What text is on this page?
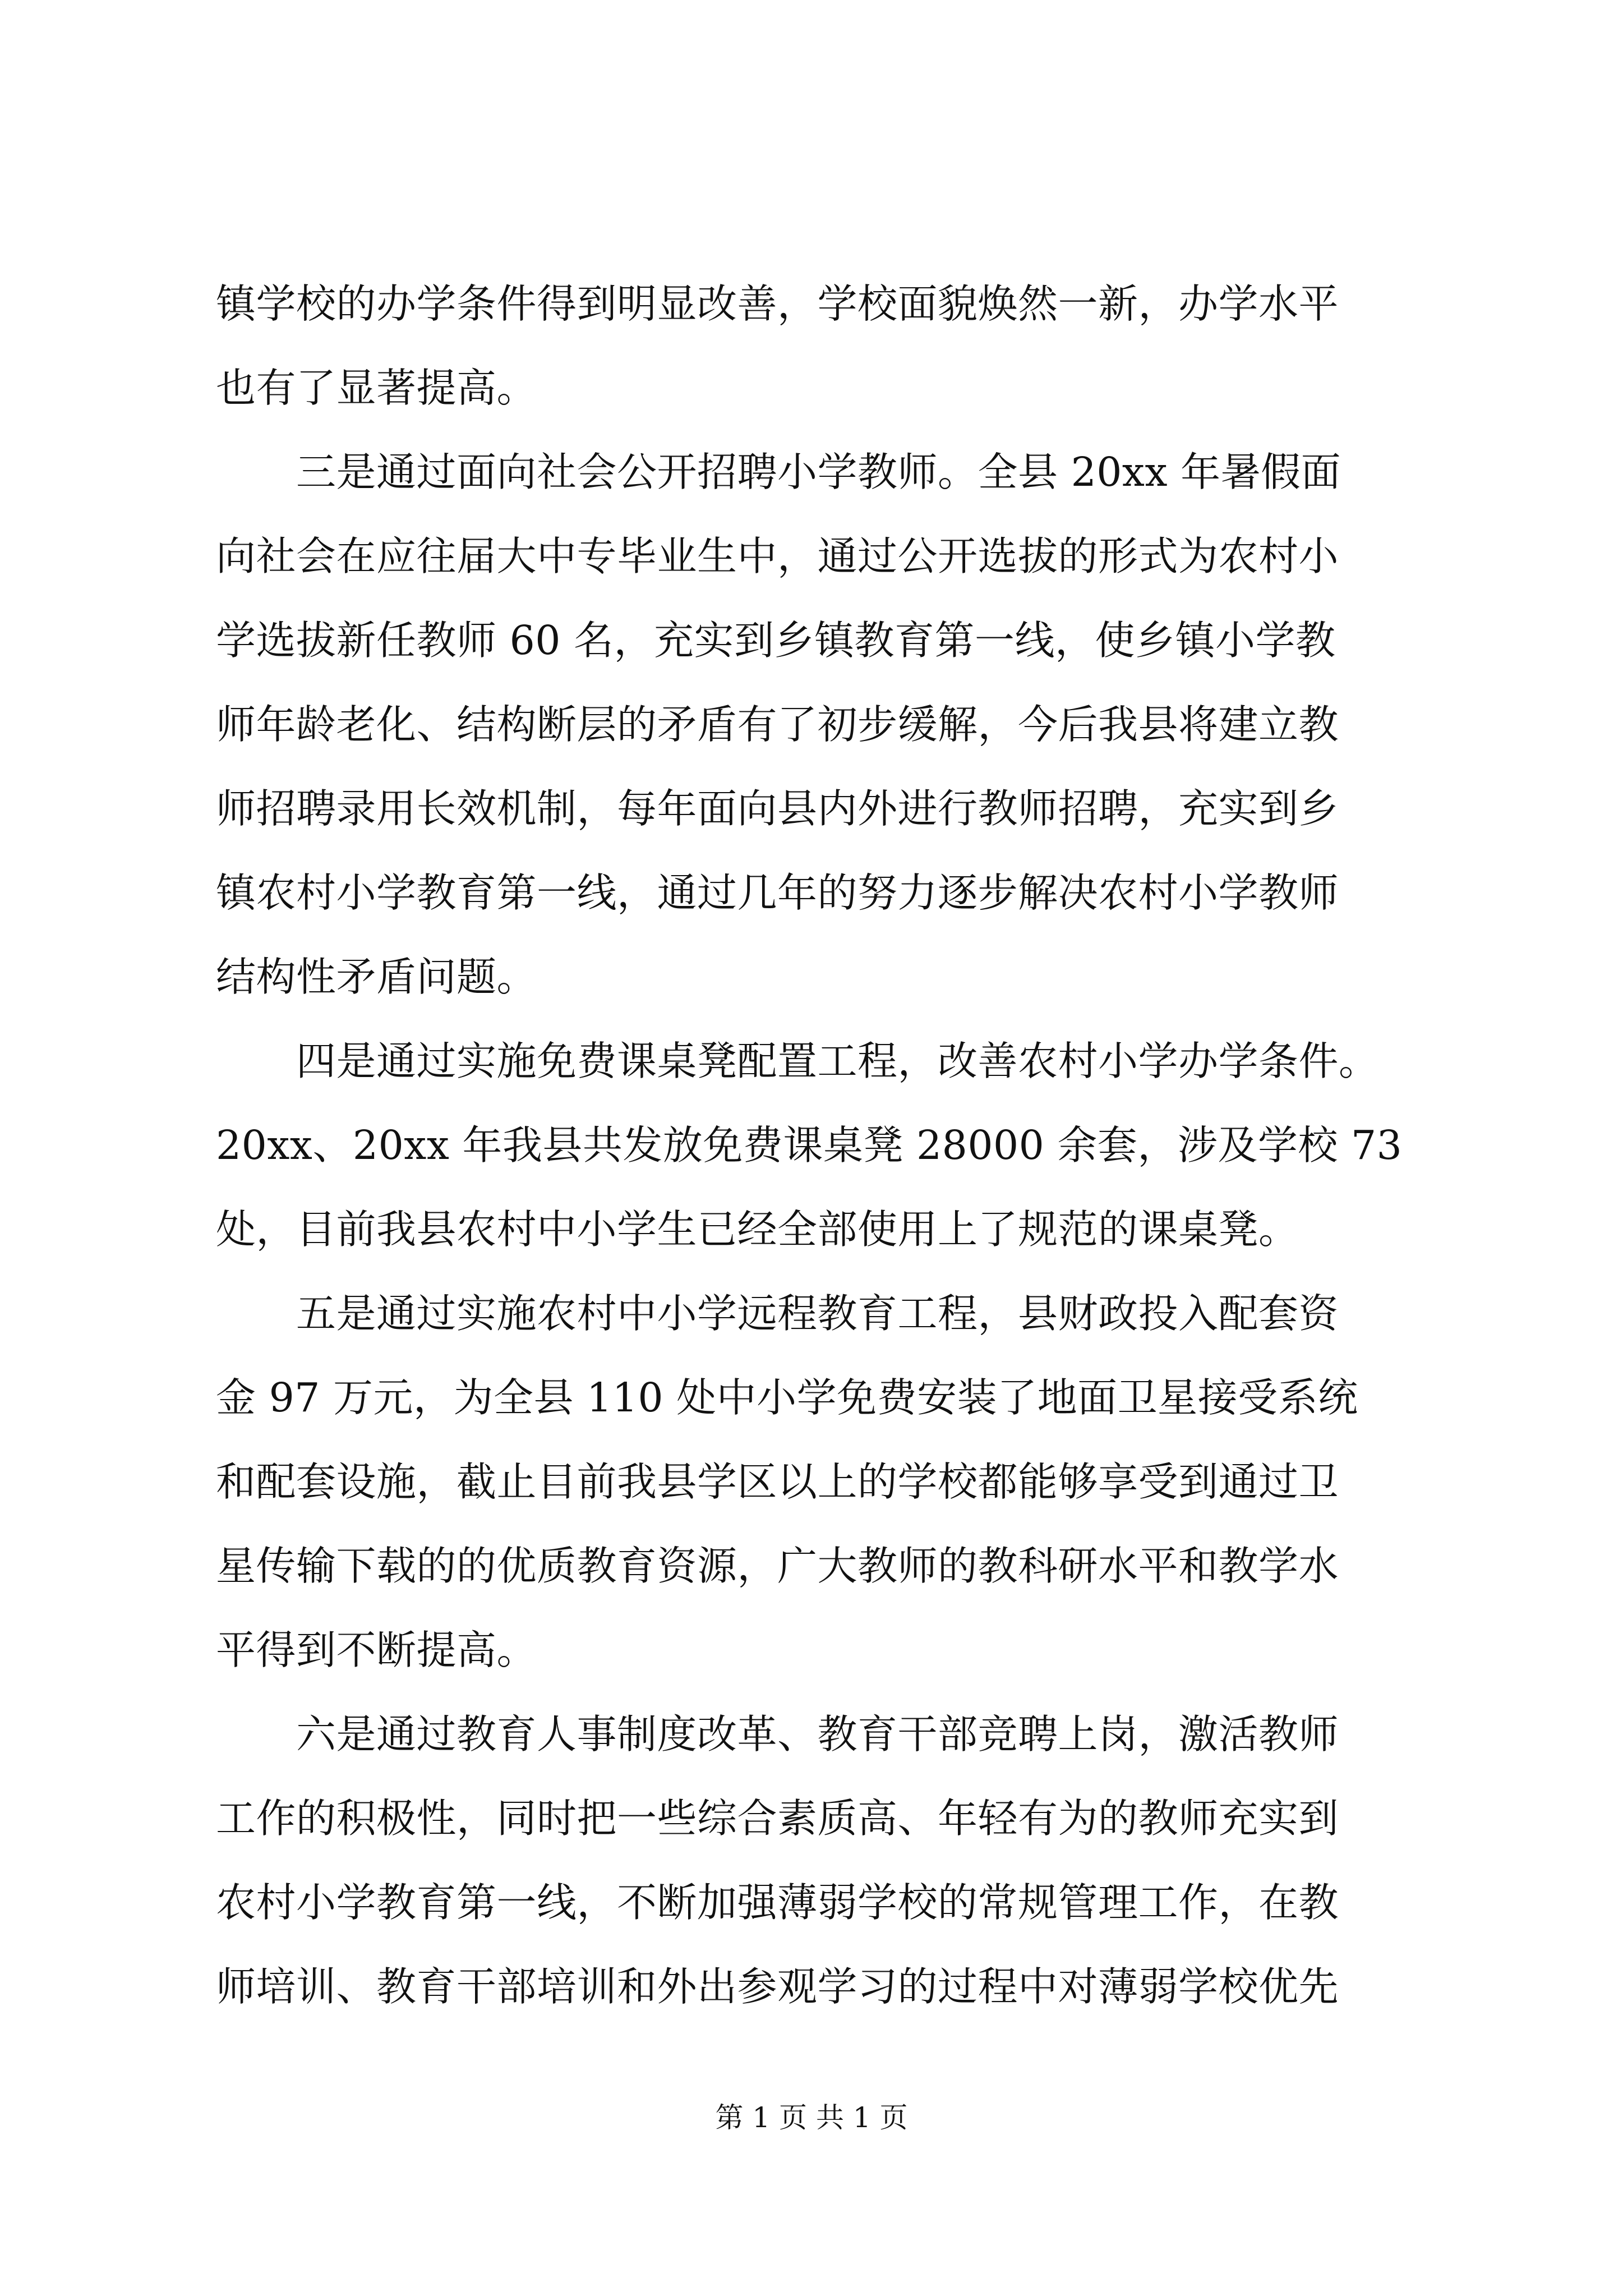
镇学校的办学条件得到明显改善，学校面貌焕然一新，办学水平
也有了显著提高。
　　三是通过面向社会公开招聘小学教师。全县 20xx 年暑假面
向社会在应往届大中专毕业生中，通过公开选拔的形式为农村小
学选拔新任教师 60 名，充实到乡镇教育第一线，使乡镇小学教
师年龄老化、结构断层的矛盾有了初步缓解，今后我县将建立教
师招聘录用长效机制，每年面向县内外进行教师招聘，充实到乡
镇农村小学教育第一线，通过几年的努力逐步解决农村小学教师
结构性矛盾问题。
　　四是通过实施免费课桌凳配置工程，改善农村小学办学条件。
20xx、20xx 年我县共发放免费课桌凳 28000 余套，涉及学校 73
处，目前我县农村中小学生已经全部使用上了规范的课桌凳。
　　五是通过实施农村中小学远程教育工程，县财政投入配套资
金 97 万元，为全县 110 处中小学免费安装了地面卫星接受系统
和配套设施，截止目前我县学区以上的学校都能够享受到通过卫
星传输下载的的优质教育资源，广大教师的教科研水平和教学水
平得到不断提高。
　　六是通过教育人事制度改革、教育干部竞聘上岗，激活教师
工作的积极性，同时把一些综合素质高、年轻有为的教师充实到
农村小学教育第一线，不断加强薄弱学校的常规管理工作，在教
师培训、教育干部培训和外出参观学习的过程中对薄弱学校优先
第 1 页 共 1 页
